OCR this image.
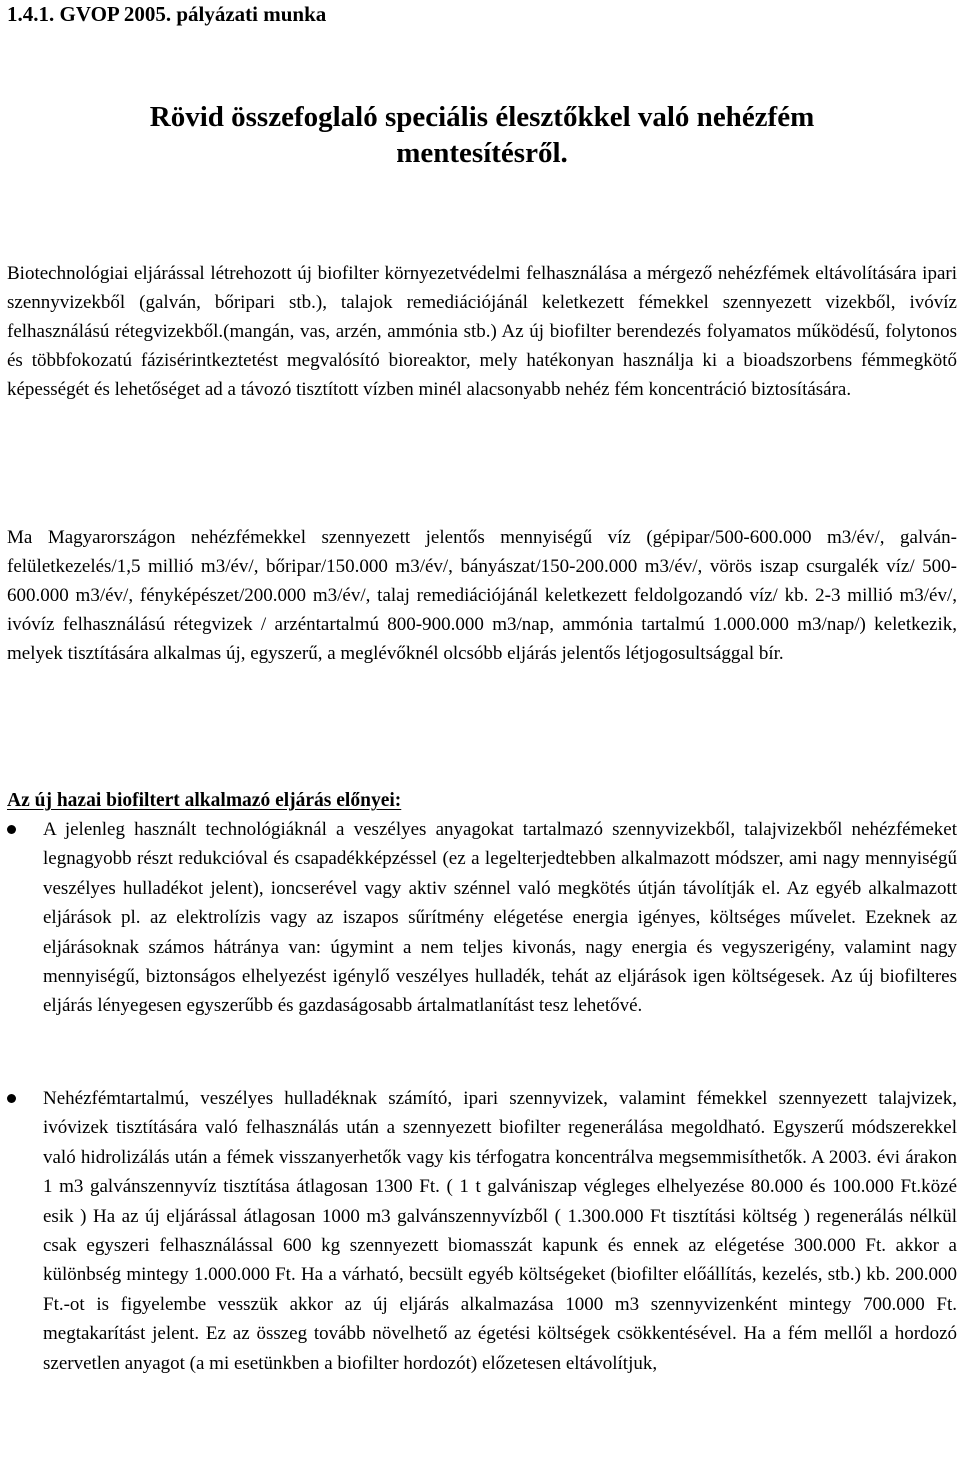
1.4.1. GVOP 2005. pályázati munka
Rövid összefoglaló speciális élesztőkkel való nehézfém
mentesítésről.
Biotechnológiai eljárással létrehozott új biofilter környezetvédelmi felhasználása a mérgező nehézfémek eltávolítására ipari szennyvizekből (galván, bőripari stb.), talajok remediációjánál keletkezett fémekkel szennyezett vizekből, ivóvíz felhasználású rétegvizekből.(mangán, vas, arzén, ammónia stb.) Az új biofilter berendezés folyamatos működésű, folytonos és többfokozatú fázisérintkeztetést megvalósító bioreaktor, mely hatékonyan használja ki a bioadszorbens fémmegkötő képességét és lehetőséget ad a távozó tisztított vízben minél alacsonyabb nehéz fém koncentráció biztosítására.
Ma Magyarországon nehézfémekkel szennyezett jelentős mennyiségű víz (gépipar/500-600.000 m3/év/, galván-felületkezelés/1,5 millió m3/év/, bőripar/150.000 m3/év/, bányászat/150-200.000 m3/év/, vörös iszap csurgalék víz/ 500-600.000 m3/év/, fényképészet/200.000 m3/év/, talaj remediációjánál keletkezett feldolgozandó víz/ kb. 2-3 millió m3/év/, ivóvíz felhasználású rétegvizek / arzéntartalmú 800-900.000 m3/nap, ammónia tartalmú 1.000.000 m3/nap/) keletkezik, melyek tisztítására alkalmas új, egyszerű, a meglévőknél olcsóbb eljárás jelentős létjogosultsággal bír.
Az új hazai biofiltert alkalmazó eljárás előnyei:
A jelenleg használt technológiáknál a veszélyes anyagokat tartalmazó szennyvizekből, talajvizekből nehézfémeket legnagyobb részt redukcióval és csapadékképzéssel (ez a legelterjedtebben alkalmazott módszer, ami nagy mennyiségű veszélyes hulladékot jelent), ioncserével vagy aktiv szénnel való megkötés útján távolítják el. Az egyéb alkalmazott eljárások pl. az elektrolízis vagy az iszapos sűrítmény elégetése energia igényes, költséges művelet. Ezeknek az eljárásoknak számos hátránya van: úgymint a nem teljes kivonás, nagy energia és vegyszerigény, valamint nagy mennyiségű, biztonságos elhelyezést igénylő veszélyes hulladék, tehát az eljárások igen költségesek. Az új biofilteres eljárás lényegesen egyszerűbb és gazdaságosabb ártalmatlanítást tesz lehetővé.
Nehézfémtartalmú, veszélyes hulladéknak számító, ipari szennyvizek, valamint fémekkel szennyezett talajvizek, ivóvizek tisztítására való felhasználás után a szennyezett biofilter regenerálása megoldható. Egyszerű módszerekkel való hidrolizálás után a fémek visszanyerhetők vagy kis térfogatra koncentrálva megsemmisíthetők. A 2003. évi árakon 1 m3 galvánszennyvíz tisztítása átlagosan 1300 Ft. ( 1 t galvániszap végleges elhelyezése 80.000 és 100.000 Ft.közé esik ) Ha az új eljárással átlagosan 1000 m3 galvánszennyvízből ( 1.300.000 Ft tisztítási költség ) regenerálás nélkül csak egyszeri felhasználással 600 kg szennyezett biomasszát kapunk és ennek az elégetése 300.000 Ft. akkor a különbség mintegy 1.000.000 Ft. Ha a várható, becsült egyéb költségeket (biofilter előállítás, kezelés, stb.) kb. 200.000 Ft.-ot is figyelembe vesszük akkor az új eljárás alkalmazása 1000 m3 szennyvizenként mintegy 700.000 Ft. megtakarítást jelent. Ez az összeg tovább növelhető az égetési költségek csökkentésével. Ha a fém mellől a hordozó szervetlen anyagot (a mi esetünkben a biofilter hordozót) előzetesen eltávolítjuk,
